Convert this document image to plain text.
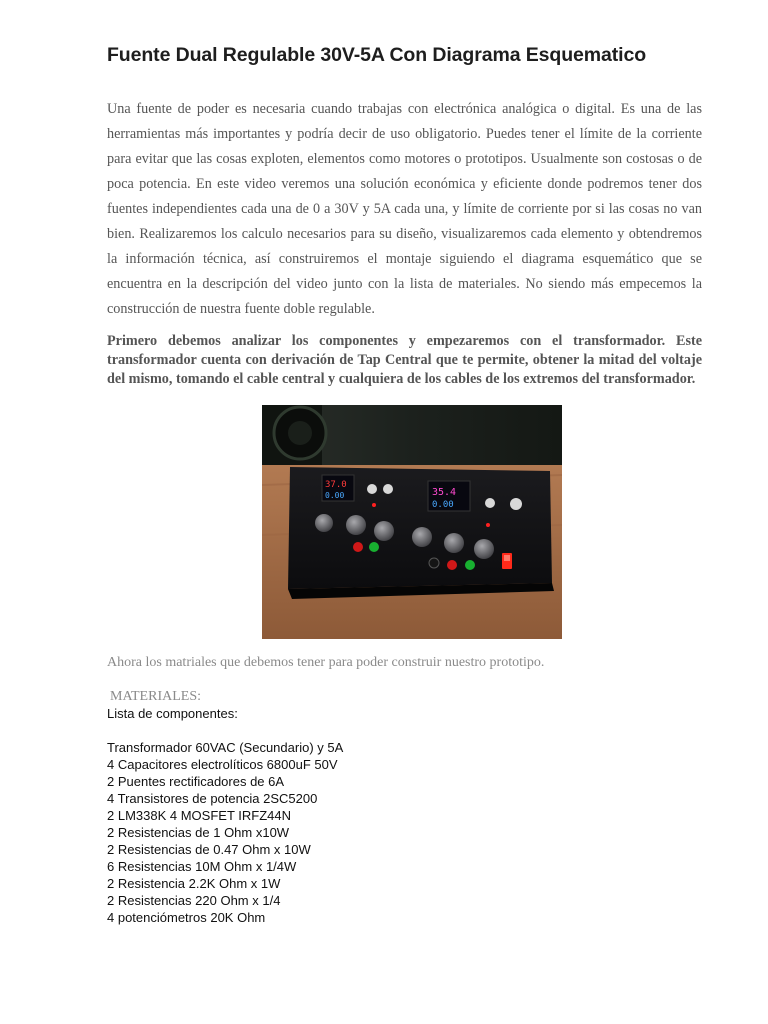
Fuente Dual Regulable 30V-5A Con Diagrama Esquematico

Una fuente de poder es necesaria cuando trabajas con electrónica analógica o digital. Es una de las herramientas más importantes y podría decir de uso obligatorio. Puedes tener el límite de la corriente para evitar que las cosas exploten, elementos como motores o prototipos. Usualmente son costosas o de poca potencia. En este video veremos una solución económica y eficiente donde podremos tener dos fuentes independientes cada una de 0 a 30V y 5A cada una, y límite de corriente por si las cosas no van bien. Realizaremos los calculo necesarios para su diseño, visualizaremos cada elemento y obtendremos la información técnica, así construiremos el montaje siguiendo el diagrama esquemático que se encuentra en la descripción del video junto con la lista de materiales. No siendo más empecemos la construcción de nuestra fuente doble regulable.

Primero debemos analizar los componentes y empezaremos con el transformador. Este transformador cuenta con derivación de Tap Central que te permite, obtener la mitad del voltaje del mismo, tomando el cable central y cualquiera de los cables de los extremos del transformador.

37.0
0.00	35.4
0.00

Ahora los matriales que debemos tener para poder construir nuestro prototipo.

MATERIALES:

Lista de componentes:

Transformador 60VAC (Secundario) y 5A
4 Capacitores electrolíticos 6800uF 50V
2 Puentes rectificadores de 6A
4 Transistores de potencia 2SC5200
2 LM338K 4 MOSFET IRFZ44N
2 Resistencias de 1 Ohm x10W
2 Resistencias de 0.47 Ohm x 10W
6 Resistencias 10M Ohm x 1/4W
2 Resistencia 2.2K Ohm x 1W
2 Resistencias 220 Ohm x 1/4
4 potenciómetros 20K Ohm
